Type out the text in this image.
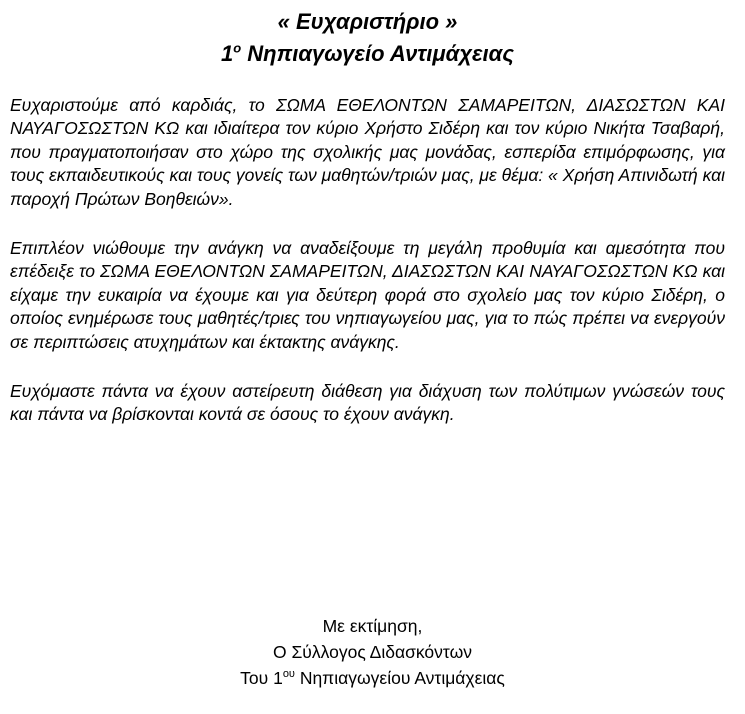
« Ευχαριστήριο »
$1^o$ Νηπιαγωγείο Αντιμάχειας

Ευχαριστούμε από καρδιάς, το ΣΩΜΑ ΕΘΕΛΟΝΤΩΝ ΣΑΜΑΡΕΙΤΩΝ, ΔΙΑΣΩΣΤΩΝ ΚΑΙ ΝΑΥΑΓΟΣΩΣΤΩΝ ΚΩ και ιδιαίτερα τον κύριο Χρήστο Σιδέρη και τον κύριο Νικήτα Τσαβαρή, που πραγματοποιήσαν στο χώρο της σχολικής μας μονάδας, εσπερίδα επιμόρφωσης, για τους εκπαιδευτικούς και τους γονείς των μαθητών/τριών μας, με θέμα: « Χρήση Απινιδωτή και παροχή Πρώτων Βοηθειών».

Επιπλέον νιώθουμε την ανάγκη να αναδείξουμε τη μεγάλη προθυμία και αμεσότητα που επέδειξε το ΣΩΜΑ ΕΘΕΛΟΝΤΩΝ ΣΑΜΑΡΕΙΤΩΝ, ΔΙΑΣΩΣΤΩΝ ΚΑΙ ΝΑΥΑΓΟΣΩΣΤΩΝ ΚΩ και είχαμε την ευκαιρία να έχουμε και για δεύτερη φορά στο σχολείο μας τον κύριο Σιδέρη, ο οποίος ενημέρωσε τους μαθητές/τριες του νηπιαγωγείου μας, για το πώς πρέπει να ενεργούν σε περιπτώσεις ατυχημάτων και έκτακτης ανάγκης.

Ευχόμαστε πάντα να έχουν αστείρευτη διάθεση για διάχυση των πολύτιμων γνώσεών τους και πάντα να βρίσκονται κοντά σε όσους το έχουν ανάγκη.

Με εκτίμηση,
Ο Σύλλογος Διδασκόντων
Του $1^{o\upsilon}$ Νηπιαγωγείου Αντιμάχειας
